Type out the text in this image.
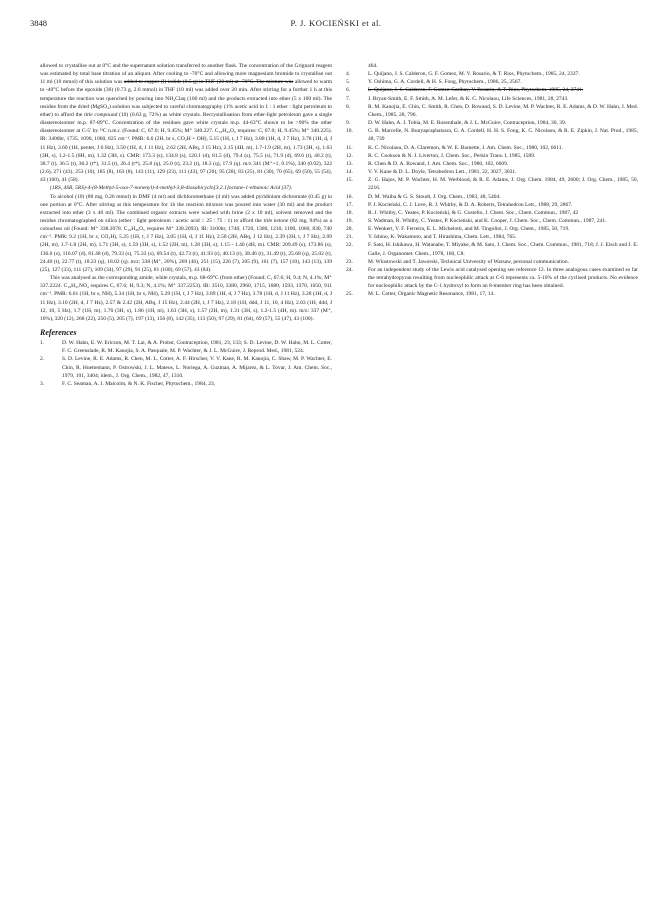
3848	P. J. KOCIEŃSKI et al.

allowed to crystallise out at 0°C and the supernatant solution transferred to another flask. The concentration of the Grignard reagent was estimated by total base titration of an aliquot. After cooling to -70°C and allowing more magnesium bromide to crystallise out 11 ml (10 mmol) of this solution was added to copper (I) iodide (0.5 g) in THF (20 ml) at -70°C. The mixture was allowed to warm to -40°C before the epoxide (36) (0.73 g, 2.6 mmol) in THF (10 ml) was added over 20 min. After stirring for a further 1 h at this temperature the reaction was quenched by pouring into NH₄Claq (100 ml) and the products extracted into ether (5 x 100 ml). The residue from the dried (MgSO₄) solution was subjected to careful chromatography (1% acetic acid in 1 : 1 ether : light petroleum to ether) to afford the title compound (10) (0.63 g, 72%) as white crystals. Recrystallisation from ether-light petroleum gave a single diastereoisomer m.p. 87-89°C. Concentration of the residues gave white crystals m.p. 44-63°C shown to be >90% the other diastereoisomer at C-5' by ¹³C n.m.r. (Found: C, 67.0; H, 9.45%; M⁺ 340.227. C₁₉H₃₂O₅ requires: C, 67.0; H, 9.45%; M⁺ 340.225). IR: 3400br, 1735, 1090, 1060, 825 cm⁻¹. PMR: 6.6 (2H, br s, CO₂H + OH), 5.15 (1H, t, J 7 Hz), 3.88 (1H, d, J 7 Hz), 3.78 (1H, d, J 11 Hz), 3.60 (1H, pentet, J 6 Hz), 3.50 (1H, d, J 11 Hz), 2.62 (2H, ABq, J 15 Hz), 2.15 (4H, m), 1.7-1.9 (2H, m), 1.73 (3H, s), 1.63 (3H, s), 1.2-1.5 (8H, m), 1.32 (3H, s). CMR: 173.3 (s), 134.8 (s), 120.1 (d), 81.5 (d), 79.4 (s), 75.5 (s), 71.9 (d), 69.6 (t), 40.2 (t), 38.7 (t), 36.5 (t), 36.2 (t*), 31.5 (t), 26.4 (t*), 25.8 (q), 25.0 (t), 23.2 (t), 18.3 (q), 17.9 (q). m/z 341 (M⁺+1, 0.1%), 340 (0.02), 322 (2.6), 271 (43), 253 (10), 185 (8), 163 (8), 143 (11), 129 (23), 111 (43), 97 (20), 95 (28), 83 (25), 81 (30), 70 (65), 69 (50), 55 (54), 43 (100), 41 (58).

(1RS, 4SR, 5RS)-4-(8-Methyl-5-oxo-7-nonenyl)-4-methyl-3,8-dioxabicyclo[3.2.1]octane-1-ethanoic Acid (37).

To alcohol (10) (88 mg, 0.26 mmol) in DMF (4 ml) and dichloromethane (4 ml) was added pyridinium dichromate (0.45 g) in one portion at 0°C. After stirring at this temperature for 1h the reaction mixture was poured into water (30 ml) and the product extracted into ether (3 x 40 ml). The combined organic extracts were washed with brine (2 x 10 ml), solvent removed and the residue chromatographed on silica (ether : light petroleum : acetic acid :: 25 : 75 : 1) to afford the title ketone (82 mg, 94%) as a colourless oil (Found: M⁺ 338.2078. C₁₉H₃₀O₅ requires M⁺ 338.2093). IR: 3100br, 1740, 1720, 1380, 1210, 1100, 1060, 830, 740 cm⁻¹. PMR: 9.2 (1H, br s, CO₂H), 5.25 (1H, t, J 7 Hz), 3.05 (1H, d, J 11 Hz), 2.58 (2H, ABq, J 12 Hz), 2.39 (2H, t, J 7 Hz), 2.09 (2H, m), 1.7-1.8 (2H, m), 1.71 (3H, s), 1.59 (3H, s), 1.52 (2H, m), 1.28 (3H, s), 1.15 - 1.40 (4H, m). CMR: 209.49 (s), 173.86 (s), 136.0 (s), 116.07 (d), 81.48 (d), 79.33 (s), 75.33 (s), 69.54 (t), 42.73 (t), 41.93 (t), 40.13 (t), 38.46 (t), 31.49 (t), 25.68 (q), 25.02 (t), 24.40 (t), 22.77 (t), 18.23 (q), 18.02 (q). m/z: 338 (M⁺, 20%), 269 (46), 251 (15), 226 (7), 205 (9), 161 (7), 157 (10), 143 (13), 139 (25), 127 (33), 111 (27), 109 (34), 97 (29), 91 (25), 81 (100), 69 (57), 43 (84).

This was analysed as the corresponding amide, white crystals, m.p. 68-69°C (from ether) (Found: C, 67.6; H, 9.4; N, 4.1%; M⁺ 337.2224. C₁₉H₃₁NO₄ requires C, 67.6; H, 9.3; N, 4.1%; M⁺ 337.2253). IR: 3510, 3380, 2960, 1715, 1680, 1593, 1370, 1050, 911 cm⁻¹. PMR: 6.61 (1H, br s, NH), 5.34 (1H, br s, NH), 5.29 (1H, t, J 7 Hz), 3.89 (1H, d, J 7 Hz), 3.78 (1H, d, J 11 Hz), 3.28 (1H, d, J 11 Hz), 3.10 (2H, d, J 7 Hz), 2.57 & 2.42 (2H, ABq, J 15 Hz), 2.44 (2H, t, J 7 Hz), 2.18 (1H, ddd, J 11, 10, 4 Hz), 2.03 (1H, ddd, J 12, 10, 5 Hz), 1.7 (1H, m), 1.76 (3H, s), 1.86 (1H, m), 1.63 (3H, s), 1.57 (2H, m), 1.31 (3H, s), 1.2-1.5 (4H, m). m/z: 337 (M⁺, 10%), 320 (12), 268 (22), 250 (5), 205 (7), 197 (13), 156 (8), 142 (35), 113 (50), 97 (29), 81 (64), 69 (57), 55 (47), 43 (100).

References
1.	D. W. Hahn, E. W. Ericson, M. T. Lai, & A. Probst, Contraception, 1981, 23, 133; S. D. Levine, D. W. Hahn, M. L. Cotter, F. C. Greenslade, R. M. Kanojia, S. A. Pasquale, M. P. Wachter, & J. L. McGuire, J. Reprod. Med., 1981, 524.
2.	S. D. Levine, R. E. Adams, R. Chen, M. L. Cotter, A. F. Hirscher, V. V. Kane, R. M. Kanojia, C. Shaw, M. P. Wachter, E. Chin, R. Huettemann, P. Ostrowski, J. L. Mateos, L. Noriega, A. Guzman, A. Mijarez, & L. Tovar, J. Am. Chem. Soc., 1979, 101, 3404; idem., J. Org. Chem., 1982, 47, 1310.
3.	F. C. Seaman, A. J. Malcolm, & N. K. Fischer, Phytochem., 1984, 23,
464.
4.	L. Quijano, J. S. Calderon, G. F. Gomez, M. V. Rosario, & T. Rios, Phytochem., 1985, 24, 2337.
5.	Y. Oshima, G. A. Cordell, & H. S. Fong, Phytochem., 1986, 25, 2567.
6.	L. Quijano, J. S. Calderon, F. Gomez-Garibay, V. Rosario, & T. Rios, Phytochem. 1985, 24, 2741.
7.	J. Bryan-Smith, E. F. Smith, A. M. Lefer, & K. C. Nicolaou, Life Sciences, 1981, 28, 2743.
8.	R. M. Kanojia, E. Chin, C. Smith, R. Chen, D. Rowand, S. D. Levine, M. P. Wachter, R. E. Adams, & D. W. Hahn, J. Med. Chem., 1985, 28, 796.
9.	D. W. Hahn, A. J. Tobia, M. E. Rosenthale, & J. L. McGuire, Contraception, 1984, 30, 39.
10.	G. B. Marcelle, N. Bunyapraphatsara, G. A. Cordell, H. H. S. Fong, K. C. Nicolaou, & R. E. Zipkin, J. Nat. Prod., 1985, 48, 739
11.	K. C. Nicolaou, D. A. Claremon, & W. E. Barnette, J. Am. Chem. Soc., 1980, 102, 6611.
12.	R. C. Cookson & N. J. Liverton, J. Chem. Soc., Perkin Trans. I, 1985, 1589.
13.	R. Chen & D. A. Rowand, J. Am. Chem. Soc., 1980, 102, 6609.
14.	V. V. Kane & D. L. Doyle, Tetrahedron Lett., 1981, 22, 3027, 3031.
15.	Z. G. Hajos, M. P. Wachter, H. M. Werblood, & R. E. Adams, J. Org. Chem. 1984, 49, 2600; J. Org. Chem., 1985, 50, 2216.
16.	D. M. Walba & G. S. Stoudt, J. Org. Chem., 1983, 48, 5404.
17.	P. J. Kocieński, C. J. Love, R. J. Whitby, & D. A. Roberts, Tetrahedron Lett., 1988, 29, 2867.
18.	R. J. Whitby, C. Yeates, P. Kocieński, & G. Costello, J. Chem. Soc., Chem. Commun., 1987, 42
19.	S. Wadman, R. Whitby, C. Yeates, P. Kocieński, and K. Cooper, J. Chem. Soc., Chem. Commun., 1987, 241.
20.	E. Wenkert, V. F. Ferreira, E. L. Michelotti, and M. Tingolini, J. Org. Chem., 1985, 50, 719.
21.	Y. Ishino, K. Wakamoto, and T. Hirashima, Chem. Lett., 1984, 765.
22.	F. Sato, H. Ishikawa, H. Watanabe, T. Miyake, & M. Sato, J. Chem. Soc., Chem. Commun., 1981, 718; J. J. Eisch and J. E. Galle, J. Organomet. Chem., 1978, 160, C8.
23.	M. Wlostowski and T. Jaworski, Technical University of Warsaw, personal communication.
24.	For an independent study of the Lewis acid catalysed opening see reference 12. In three analogous cases examined so far the tetrahydropyran resulting from nucleophilic attack at C-6 represents ca. 5-10% of the cyclised products. No evidence for nucleophilic attack by the C-1 hydroxyl to form an 8-member ring has been obtained.
25.	M. L. Cotter, Organic Magnetic Resonance, 1981, 17, 14.
